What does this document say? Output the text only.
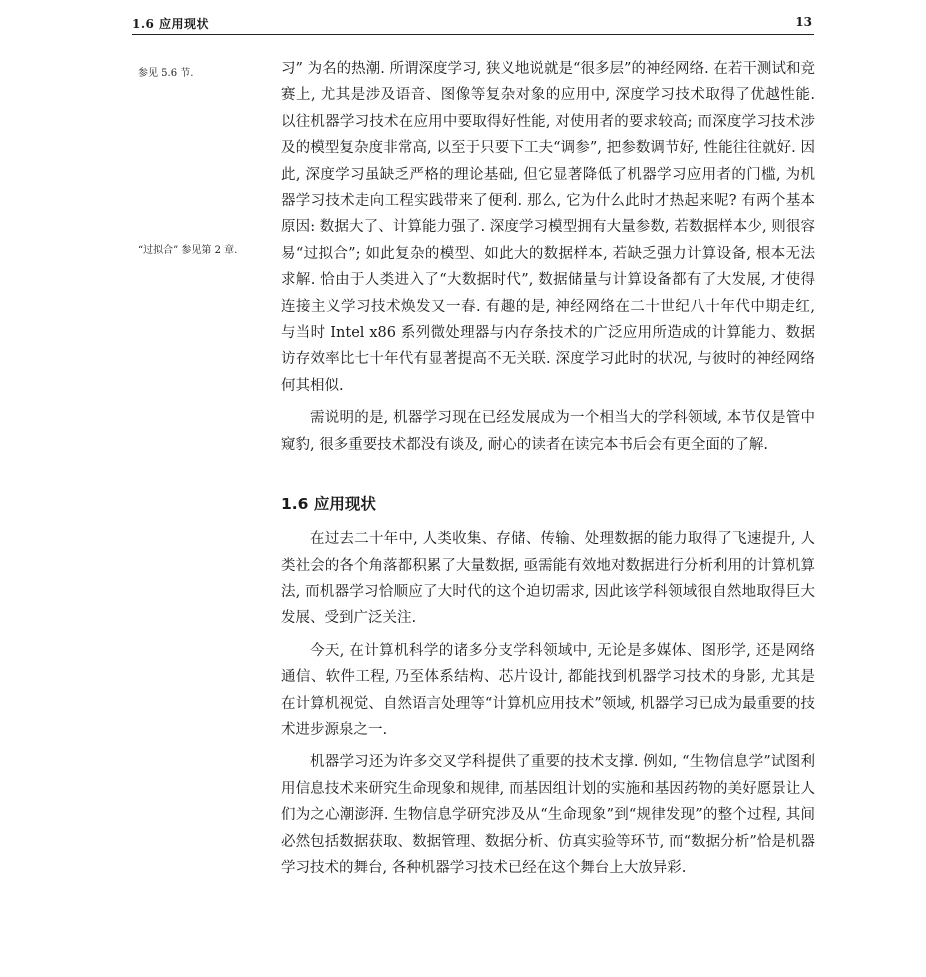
1.6 应用现状	13
参见 5.6 节.
“过拟合” 参见第 2 章.

习” 为名的热潮. 所谓深度学习, 狭义地说就是“很多层”的神经网络. 在若干测试和竞赛上, 尤其是涉及语音、图像等复杂对象的应用中, 深度学习技术取得了优越性能. 以往机器学习技术在应用中要取得好性能, 对使用者的要求较高; 而深度学习技术涉及的模型复杂度非常高, 以至于只要下工夫“调参”, 把参数调节好, 性能往往就好. 因此, 深度学习虽缺乏严格的理论基础, 但它显著降低了机器学习应用者的门槛, 为机器学习技术走向工程实践带来了便利. 那么, 它为什么此时才热起来呢? 有两个基本原因: 数据大了、计算能力强了. 深度学习模型拥有大量参数, 若数据样本少, 则很容易“过拟合”; 如此复杂的模型、如此大的数据样本, 若缺乏强力计算设备, 根本无法求解. 恰由于人类进入了“大数据时代”, 数据储量与计算设备都有了大发展, 才使得连接主义学习技术焕发又一春. 有趣的是, 神经网络在二十世纪八十年代中期走红, 与当时 Intel x86 系列微处理器与内存条技术的广泛应用所造成的计算能力、数据访存效率比七十年代有显著提高不无关联. 深度学习此时的状况, 与彼时的神经网络何其相似.

需说明的是, 机器学习现在已经发展成为一个相当大的学科领域, 本节仅是管中窥豹, 很多重要技术都没有谈及, 耐心的读者在读完本书后会有更全面的了解.

1.6 应用现状

在过去二十年中, 人类收集、存储、传输、处理数据的能力取得了飞速提升, 人类社会的各个角落都积累了大量数据, 亟需能有效地对数据进行分析利用的计算机算法, 而机器学习恰顺应了大时代的这个迫切需求, 因此该学科领域很自然地取得巨大发展、受到广泛关注.

今天, 在计算机科学的诸多分支学科领域中, 无论是多媒体、图形学, 还是网络通信、软件工程, 乃至体系结构、芯片设计, 都能找到机器学习技术的身影, 尤其是在计算机视觉、自然语言处理等“计算机应用技术”领域, 机器学习已成为最重要的技术进步源泉之一.

机器学习还为许多交叉学科提供了重要的技术支撑. 例如, “生物信息学”试图利用信息技术来研究生命现象和规律, 而基因组计划的实施和基因药物的美好愿景让人们为之心潮澎湃. 生物信息学研究涉及从“生命现象”到“规律发现”的整个过程, 其间必然包括数据获取、数据管理、数据分析、仿真实验等环节, 而“数据分析”恰是机器学习技术的舞台, 各种机器学习技术已经在这个舞台上大放异彩.
